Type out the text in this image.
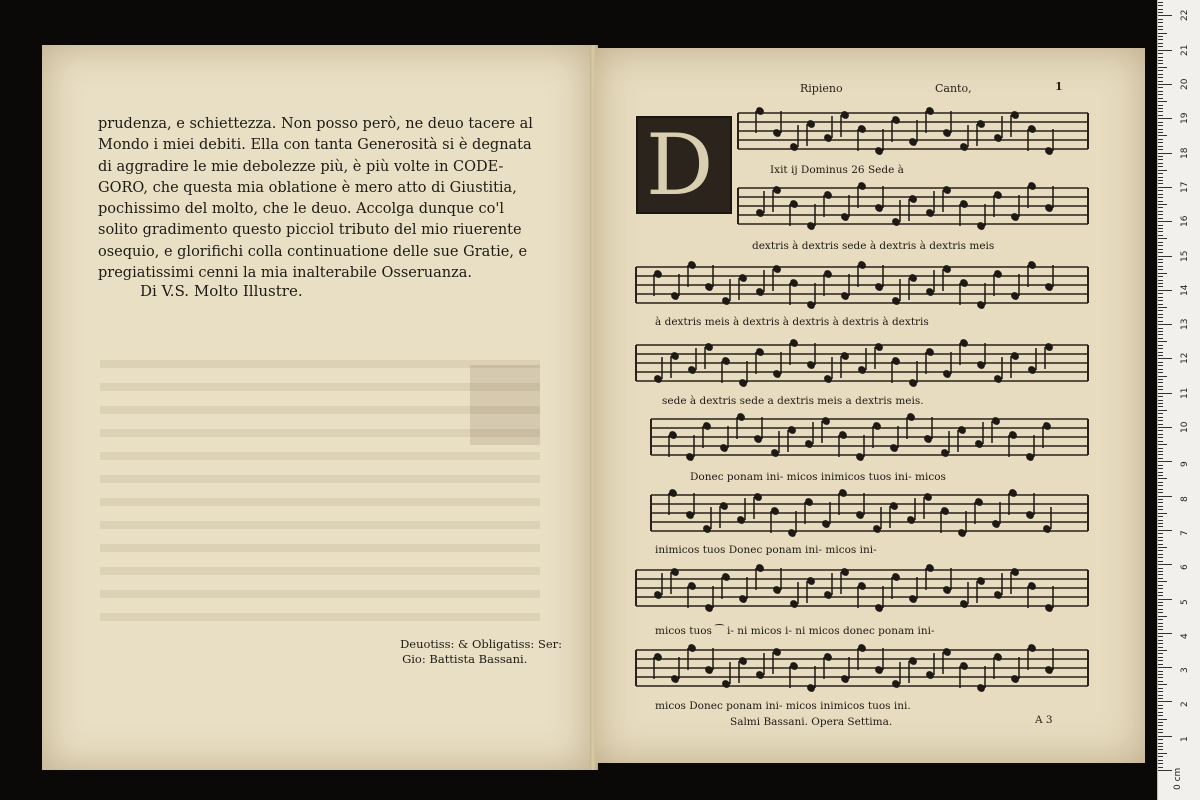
prudenza, e schiettezza. Non posso però, ne deuo tacere al

Mondo i miei debiti. Ella con tanta Generosità si è degnata

di aggradire le mie debolezze più, è più volte in CODE-

GORO, che questa mia oblatione è mero atto di Giustitia,

pochissimo del molto, che le deuo. Accolga dunque co'l

solito gradimento questo picciol tributo del mio riuerente

osequio, e glorifichi colla continuatione delle sue Gratie, e

pregiatissimi cenni la mia inalterabile Osseruanza.

Di V.S. Molto Illustre.
Deuotiss: & Obligatiss: Ser:
Gio: Battista Bassani.
Ripieno	Canto,	1
D	Ixit ij Dominus 26 Sede à
dextris à dextris sede à dextris à dextris meis
à dextris meis à dextris à dextris à dextris à dextris
sede à dextris sede a dextris meis a dextris meis.
Donec ponam ini- micos inimicos tuos ini- micos
inimicos tuos Donec ponam ini- micos ini-
micos tuos ⁀ i- ni micos i- ni micos donec ponam ini-
micos Donec ponam ini- micos inimicos tuos ini.
Salmi Bassani. Opera Settima.	A 3
0 cm
1
2
3
4
5
6
7
8
9
10
11
12
13
14
15
16
17
18
19
20
21
22
